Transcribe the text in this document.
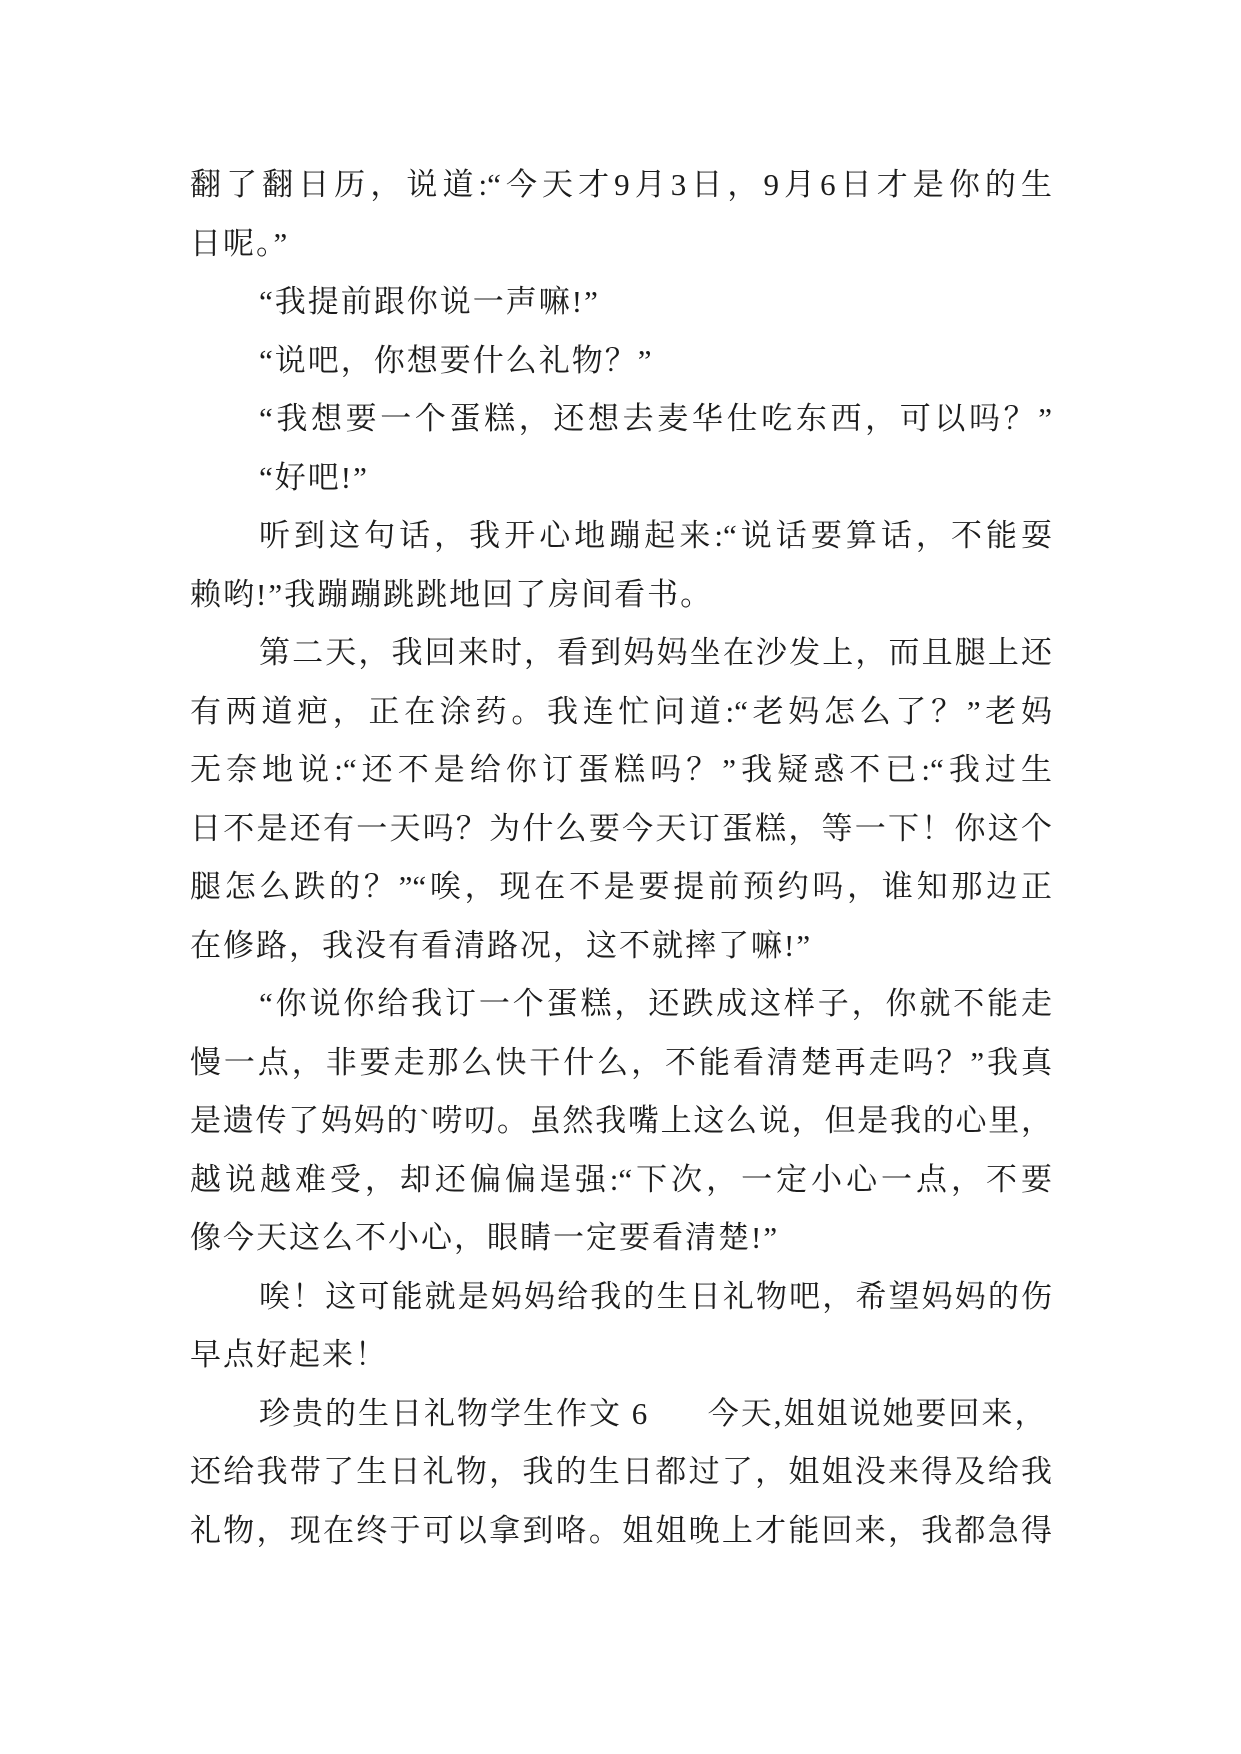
翻了翻日历，说道:“今天才9月3日，9月6日才是你的生
日呢。”
“我提前跟你说一声嘛!”
“说吧，你想要什么礼物？”
“我想要一个蛋糕，还想去麦华仕吃东西，可以吗？”
“好吧!”
听到这句话，我开心地蹦起来:“说话要算话，不能耍
赖哟!”我蹦蹦跳跳地回了房间看书。
第二天，我回来时，看到妈妈坐在沙发上，而且腿上还
有两道疤，正在涂药。我连忙问道:“老妈怎么了？”老妈
无奈地说:“还不是给你订蛋糕吗？”我疑惑不已:“我过生
日不是还有一天吗？为什么要今天订蛋糕，等一下！你这个
腿怎么跌的？”“唉，现在不是要提前预约吗，谁知那边正
在修路，我没有看清路况，这不就摔了嘛!”
“你说你给我订一个蛋糕，还跌成这样子，你就不能走
慢一点，非要走那么快干什么，不能看清楚再走吗？”我真
是遗传了妈妈的`唠叨。虽然我嘴上这么说，但是我的心里，
越说越难受，却还偏偏逞强:“下次，一定小心一点，不要
像今天这么不小心，眼睛一定要看清楚!”
唉！这可能就是妈妈给我的生日礼物吧，希望妈妈的伤
早点好起来！
珍贵的生日礼物学生作文 6      今天,姐姐说她要回来，
还给我带了生日礼物，我的生日都过了，姐姐没来得及给我
礼物，现在终于可以拿到咯。姐姐晚上才能回来，我都急得
